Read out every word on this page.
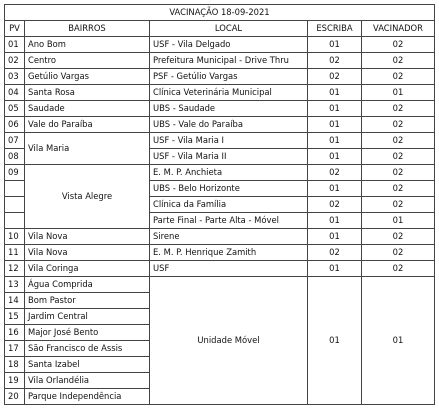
VACINAÇÃO 18-09-2021				
PV	BAIRROS	LOCAL	ESCRIBA	VACINADOR
01	Ano Bom	USF - Vila Delgado	01	02
02	Centro	Prefeitura Municipal - Drive Thru	02	02
03	Getúlio Vargas	PSF - Getúlio Vargas	02	02
04	Santa Rosa	Clínica Veterinária Municipal	01	01
05	Saudade	UBS - Saudade	01	02
06	Vale do Paraíba	UBS - Vale do Paraíba	01	02
07	Vila Maria	USF - Vila Maria I	01	02
08		USF - Vila Maria II	01	02
09	Vista Alegre	E. M. P. Anchieta	02	02
		UBS - Belo Horizonte	01	02
		Clínica da Família	02	02
		Parte Final - Parte Alta - Móvel	01	01
10	Vila Nova	Sirene	01	02
11	Vila Nova	E. M. P. Henrique Zamith	02	02
12	Vila Coringa	USF	01	02
13	Água Comprida	Unidade Móvel	01	01
14	Bom Pastor			
15	Jardim Central			
16	Major José Bento			
17	São Francisco de Assis			
18	Santa Izabel			
19	Vila Orlandélia			
20	Parque Independência			
